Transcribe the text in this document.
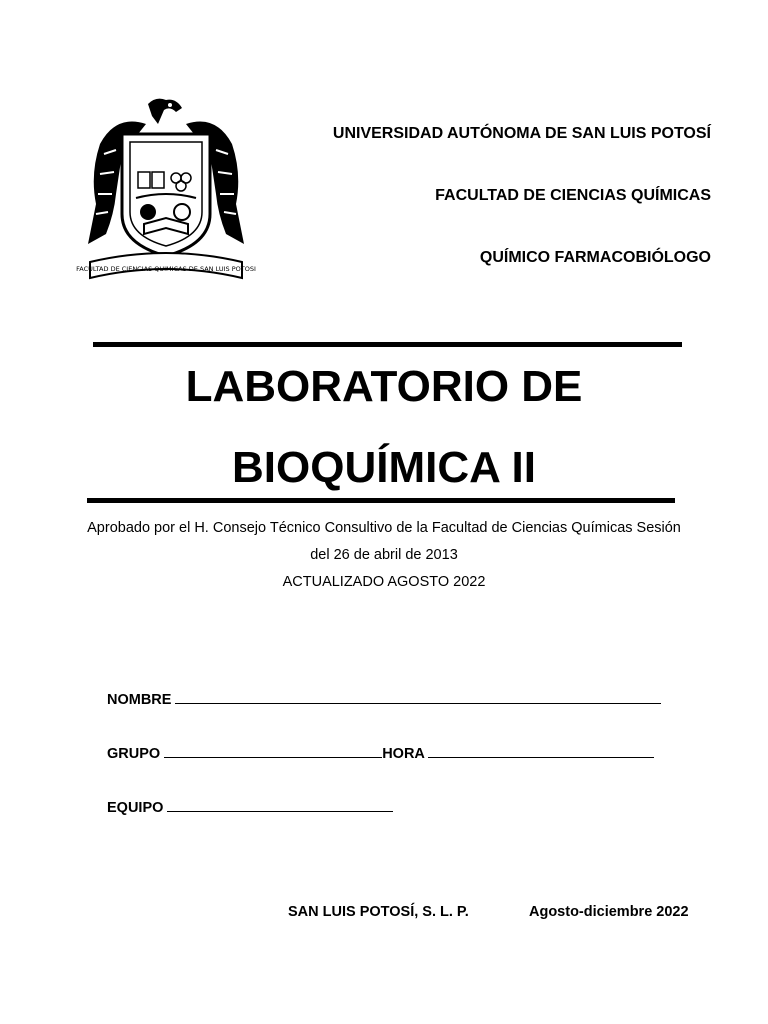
FACULTAD DE CIENCIAS QUIMICAS DE SAN LUIS POTOSI
UNIVERSIDAD AUTÓNOMA DE SAN LUIS POTOSÍ
FACULTAD DE CIENCIAS QUÍMICAS
QUÍMICO FARMACOBIÓLOGO
LABORATORIO DE
BIOQUÍMICA II
Aprobado por el H. Consejo Técnico Consultivo de la Facultad de Ciencias Químicas Sesión
del 26 de abril de 2013
ACTUALIZADO AGOSTO 2022
NOMBRE
GRUPO	HORA
EQUIPO
SAN LUIS POTOSÍ, S. L. P.	Agosto-diciembre 2022
